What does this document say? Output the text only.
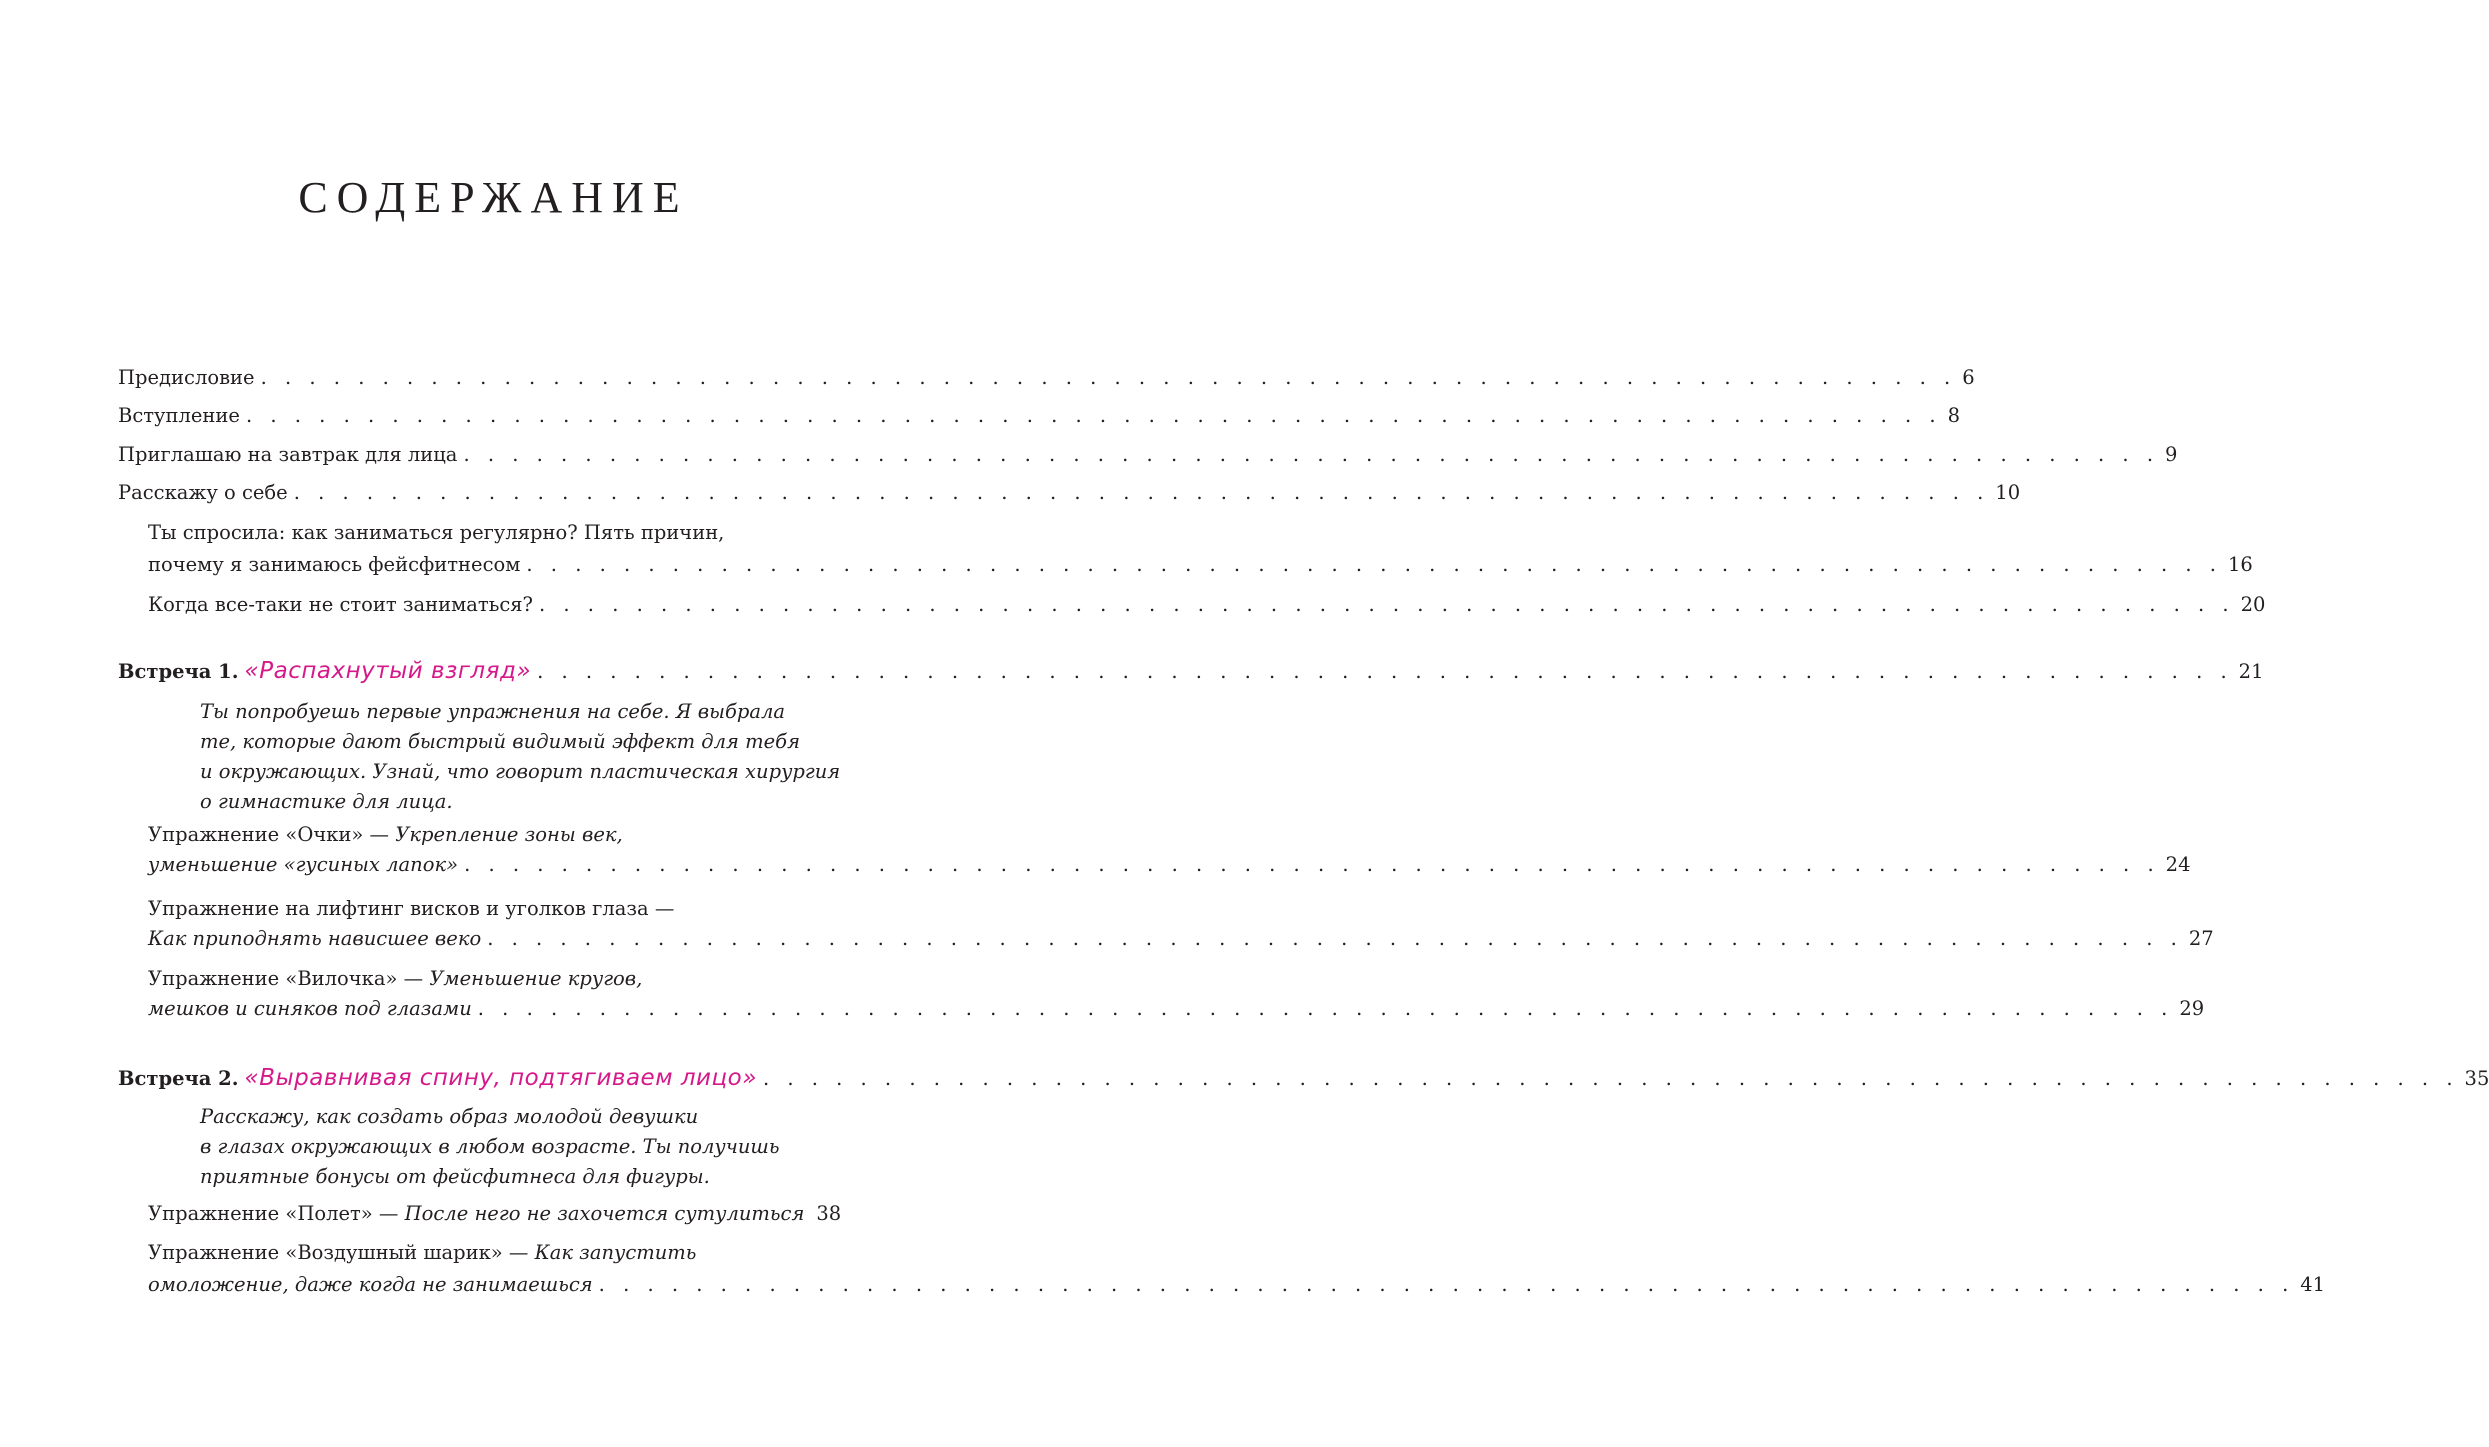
СОДЕРЖАНИЕ
Предисловие . . . . . . . . . . . . . . . . . . . . . . . . . . . . . . . . . . . . . . . . . . . . . . . . . . . . . . . . . . . . . . . . . . . . . . 6
Вступление . . . . . . . . . . . . . . . . . . . . . . . . . . . . . . . . . . . . . . . . . . . . . . . . . . . . . . . . . . . . . . . . . . . . . . 8
Приглашаю на завтрак для лица . . . . . . . . . . . . . . . . . . . . . . . . . . . . . . . . . . . . . . . . . . . . . . . . . . . . . . . . . . . . . . . . . . . . . . 9
Расскажу о себе . . . . . . . . . . . . . . . . . . . . . . . . . . . . . . . . . . . . . . . . . . . . . . . . . . . . . . . . . . . . . . . . . . . . . . 10
Ты спросила: как заниматься регулярно? Пять причин,
почему я занимаюсь фейсфитнесом . . . . . . . . . . . . . . . . . . . . . . . . . . . . . . . . . . . . . . . . . . . . . . . . . . . . . . . . . . . . . . . . . . . . . . 16
Когда все-таки не стоит заниматься? . . . . . . . . . . . . . . . . . . . . . . . . . . . . . . . . . . . . . . . . . . . . . . . . . . . . . . . . . . . . . . . . . . . . . . 20
Встреча 1. «Распахнутый взгляд» . . . . . . . . . . . . . . . . . . . . . . . . . . . . . . . . . . . . . . . . . . . . . . . . . . . . . . . . . . . . . . . . . . . . . . 21
Ты попробуешь первые упражнения на себе. Я выбрала
те, которые дают быстрый видимый эффект для тебя
и окружающих. Узнай, что говорит пластическая хирургия
о гимнастике для лица.
Упражнение «Очки» — Укрепление зоны век,
уменьшение «гусиных лапок» . . . . . . . . . . . . . . . . . . . . . . . . . . . . . . . . . . . . . . . . . . . . . . . . . . . . . . . . . . . . . . . . . . . . . . 24
Упражнение на лифтинг висков и уголков глаза —
Как приподнять нависшее веко . . . . . . . . . . . . . . . . . . . . . . . . . . . . . . . . . . . . . . . . . . . . . . . . . . . . . . . . . . . . . . . . . . . . . . 27
Упражнение «Вилочка» — Уменьшение кругов,
мешков и синяков под глазами . . . . . . . . . . . . . . . . . . . . . . . . . . . . . . . . . . . . . . . . . . . . . . . . . . . . . . . . . . . . . . . . . . . . . . 29
Встреча 2. «Выравнивая спину, подтягиваем лицо» . . . . . . . . . . . . . . . . . . . . . . . . . . . . . . . . . . . . . . . . . . . . . . . . . . . . . . . . . . . . . . . . . . . . . . 35
Расскажу, как создать образ молодой девушки
в глазах окружающих в любом возрасте. Ты получишь
приятные бонусы от фейсфитнеса для фигуры.
Упражнение «Полет» — После него не захочется сутулиться 38
Упражнение «Воздушный шарик» — Как запустить
омоложение, даже когда не занимаешься . . . . . . . . . . . . . . . . . . . . . . . . . . . . . . . . . . . . . . . . . . . . . . . . . . . . . . . . . . . . . . . . . . . . . . 41
